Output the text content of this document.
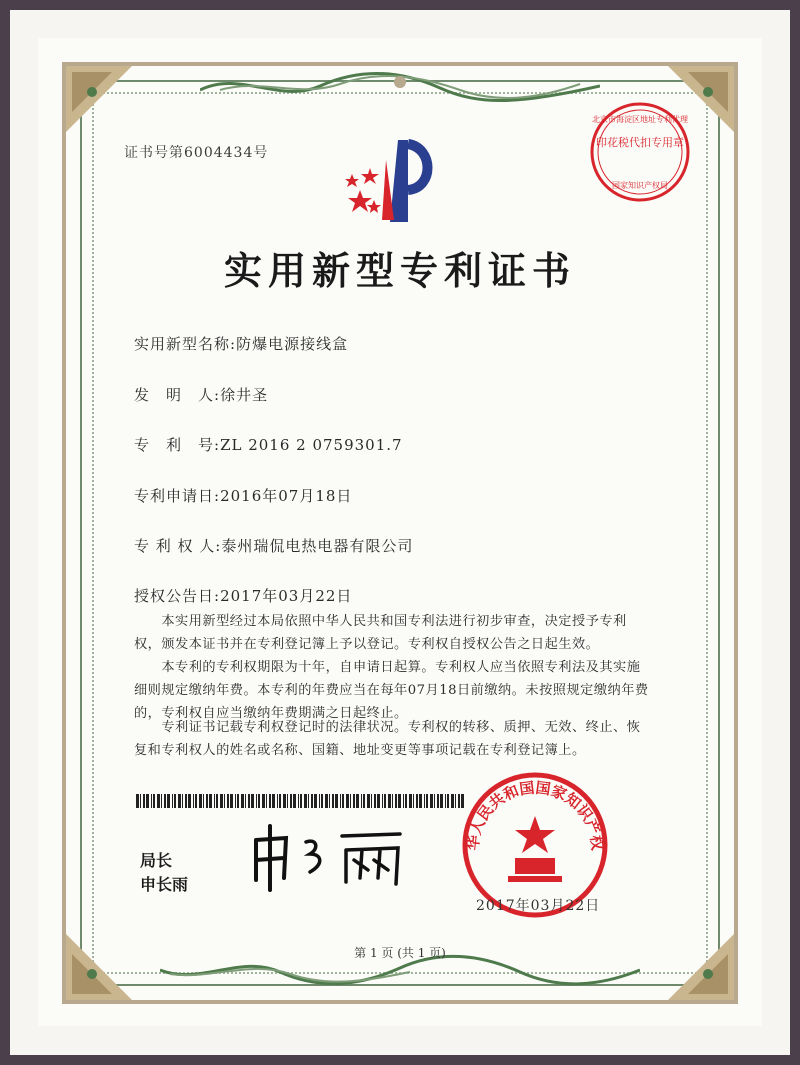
证书号第6004434号
印花税代扣专用章
北京市海淀区地址专利代理
国家知识产权局
实用新型专利证书
实用新型名称:防爆电源接线盒
发　明　人:徐井圣
专　利　号:ZL 2016 2 0759301.7
专利申请日:2016年07月18日
专 利 权 人:泰州瑞侃电热电器有限公司
授权公告日:2017年03月22日
　　本实用新型经过本局依照中华人民共和国专利法进行初步审查，决定授予专利权，颁发本证书并在专利登记簿上予以登记。专利权自授权公告之日起生效。
　　本专利的专利权期限为十年，自申请日起算。专利权人应当依照专利法及其实施细则规定缴纳年费。本专利的年费应当在每年07月18日前缴纳。未按照规定缴纳年费的，专利权自应当缴纳年费期满之日起终止。
　　专利证书记载专利权登记时的法律状况。专利权的转移、质押、无效、终止、恢复和专利权人的姓名或名称、国籍、地址变更等事项记载在专利登记簿上。
局长
申长雨
华人民共和国国家知识产权
2017年03月22日
第 1 页 (共 1 页)
